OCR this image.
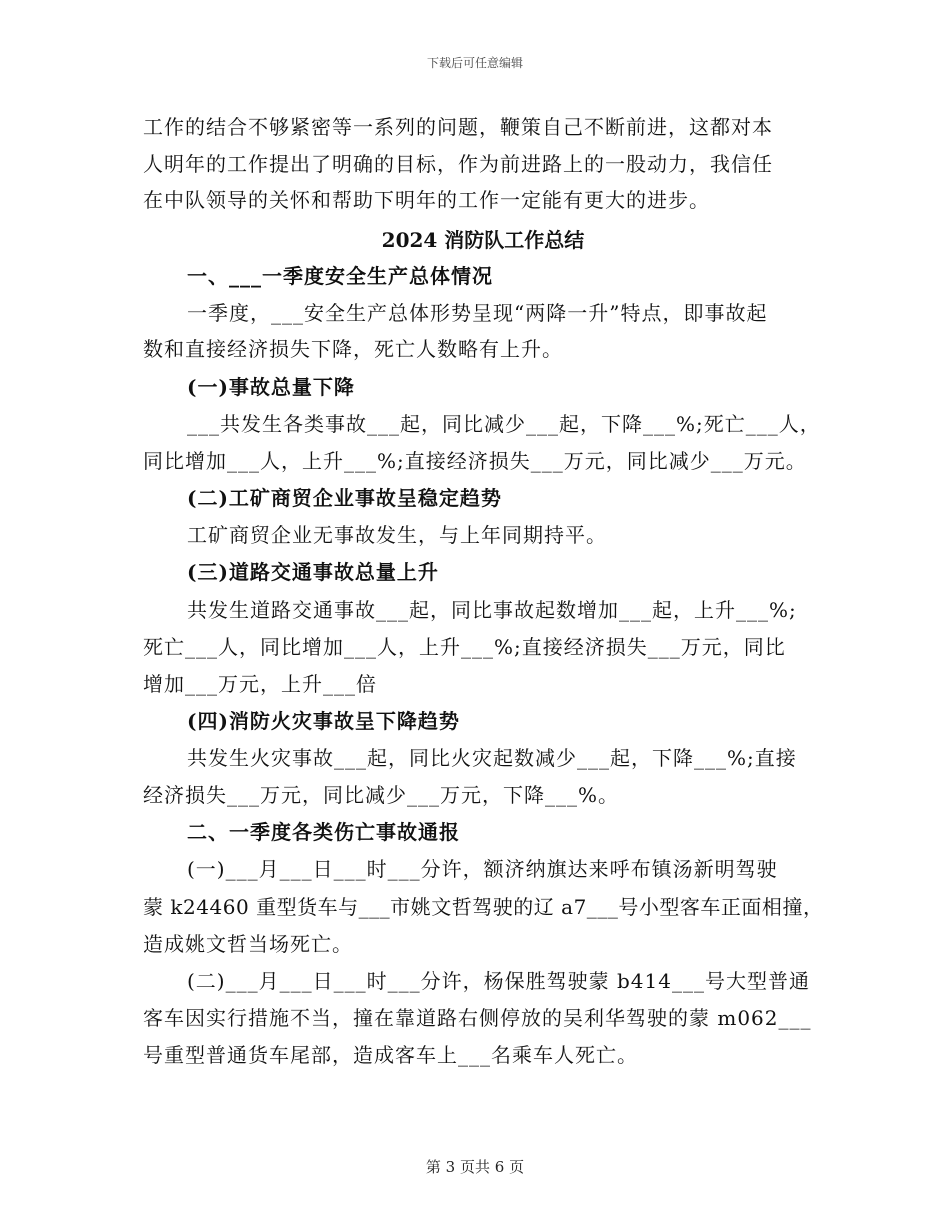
下载后可任意编辑
工作的结合不够紧密等一系列的问题，鞭策自己不断前进，这都对本
人明年的工作提出了明确的目标，作为前进路上的一股动力，我信任
在中队领导的关怀和帮助下明年的工作一定能有更大的进步。
2024 消防队工作总结
一、___一季度安全生产总体情况
一季度，___安全生产总体形势呈现“两降一升”特点，即事故起
数和直接经济损失下降，死亡人数略有上升。
(一)事故总量下降
___共发生各类事故___起，同比减少___起，下降___%;死亡___人，
同比增加___人，上升___%;直接经济损失___万元，同比减少___万元。
(二)工矿商贸企业事故呈稳定趋势
工矿商贸企业无事故发生，与上年同期持平。
(三)道路交通事故总量上升
共发生道路交通事故___起，同比事故起数增加___起，上升___%;
死亡___人，同比增加___人，上升___%;直接经济损失___万元，同比
增加___万元，上升___倍
(四)消防火灾事故呈下降趋势
共发生火灾事故___起，同比火灾起数减少___起，下降___%;直接
经济损失___万元，同比减少___万元，下降___%。
二、一季度各类伤亡事故通报
(一)___月___日___时___分许，额济纳旗达来呼布镇汤新明驾驶
蒙 k24460 重型货车与___市姚文哲驾驶的辽 a7___号小型客车正面相撞，
造成姚文哲当场死亡。
(二)___月___日___时___分许，杨保胜驾驶蒙 b414___号大型普通
客车因实行措施不当，撞在靠道路右侧停放的吴利华驾驶的蒙 m062___
号重型普通货车尾部，造成客车上___名乘车人死亡。
第 3 页共 6 页
